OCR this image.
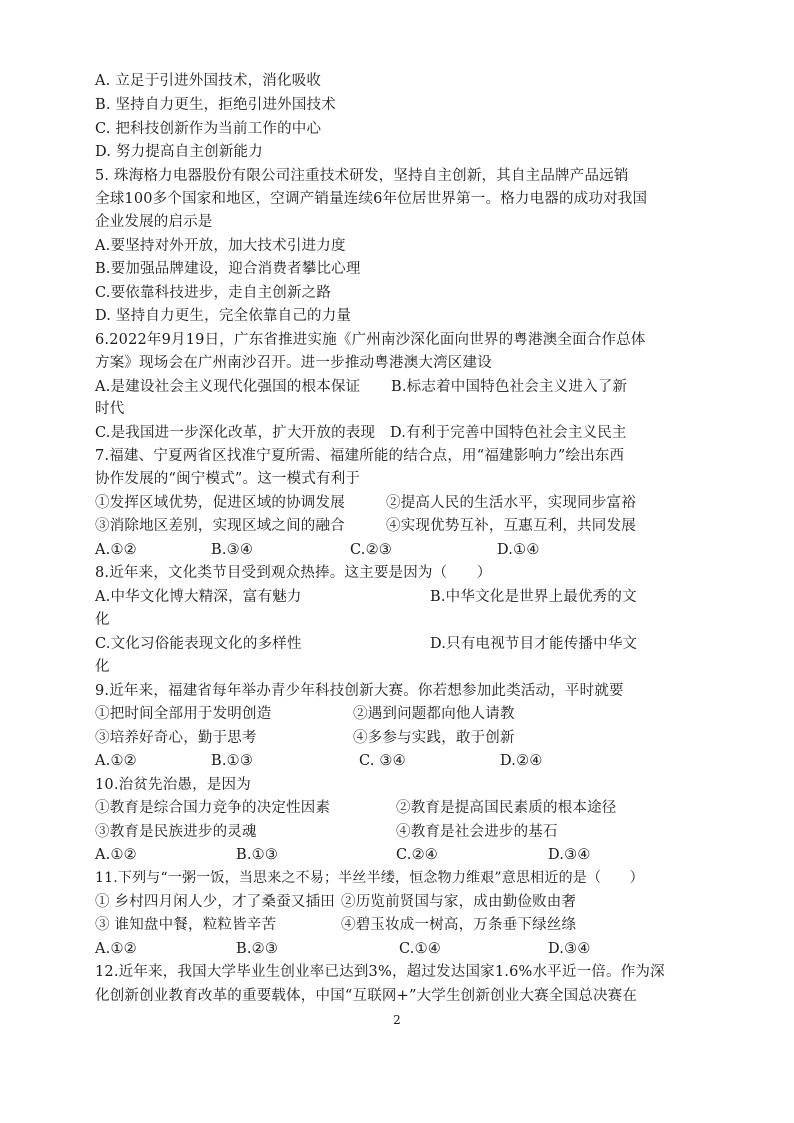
A. 立足于引进外国技术，消化吸收
B. 坚持自力更生，拒绝引进外国技术
C. 把科技创新作为当前工作的中心
D. 努力提高自主创新能力
5. 珠海格力电器股份有限公司注重技术研发，坚持自主创新，其自主品牌产品远销
全球100多个国家和地区，空调产销量连续6年位居世界第一。格力电器的成功对我国
企业发展的启示是
A.要坚持对外开放，加大技术引进力度
B.要加强品牌建设，迎合消费者攀比心理
C.要依靠科技进步，走自主创新之路
D. 坚持自力更生，完全依靠自己的力量
6.2022年9月19日，广东省推进实施《广州南沙深化面向世界的粤港澳全面合作总体
方案》现场会在广州南沙召开。进一步推动粤港澳大湾区建设
A.是建设社会主义现代化强国的根本保证 B.标志着中国特色社会主义进入了新
时代
C.是我国进一步深化改革，扩大开放的表现 D.有利于完善中国特色社会主义民主
7.福建、宁夏两省区找准宁夏所需、福建所能的结合点，用“福建影响力”绘出东西
协作发展的“闽宁模式”。这一模式有利于
①发挥区域优势，促进区域的协调发展	②提高人民的生活水平，实现同步富裕
③消除地区差别，实现区域之间的融合	④实现优势互补，互惠互利，共同发展
A.①②	B.③④	C.②③	D.①④
8.近年来，文化类节目受到观众热捧。这主要是因为（　　）
A.中华文化博大精深，富有魅力	B.中华文化是世界上最优秀的文
化
C.文化习俗能表现文化的多样性	D.只有电视节目才能传播中华文
化
9.近年来，福建省每年举办青少年科技创新大赛。你若想参加此类活动，平时就要
①把时间全部用于发明创造	②遇到问题都向他人请教
③培养好奇心，勤于思考	④多参与实践，敢于创新
A.①②	B.①③	C. ③④	D.②④
10.治贫先治愚，是因为
①教育是综合国力竞争的决定性因素	②教育是提高国民素质的根本途径
③教育是民族进步的灵魂	④教育是社会进步的基石
A.①②	B.①③	C.②④	D.③④
11.下列与“一粥一饭，当思来之不易；半丝半缕，恒念物力维艰”意思相近的是（　　）
① 乡村四月闲人少，才了桑蚕又插田 ②历览前贤国与家，成由勤俭败由奢
③ 谁知盘中餐，粒粒皆辛苦	④碧玉妆成一树高，万条垂下绿丝绦
A.①②	B.②③	C.①④	D.③④
12.近年来，我国大学毕业生创业率已达到3%，超过发达国家1.6%水平近一倍。作为深
化创新创业教育改革的重要载体，中国“互联网+”大学生创新创业大赛全国总决赛在
2
